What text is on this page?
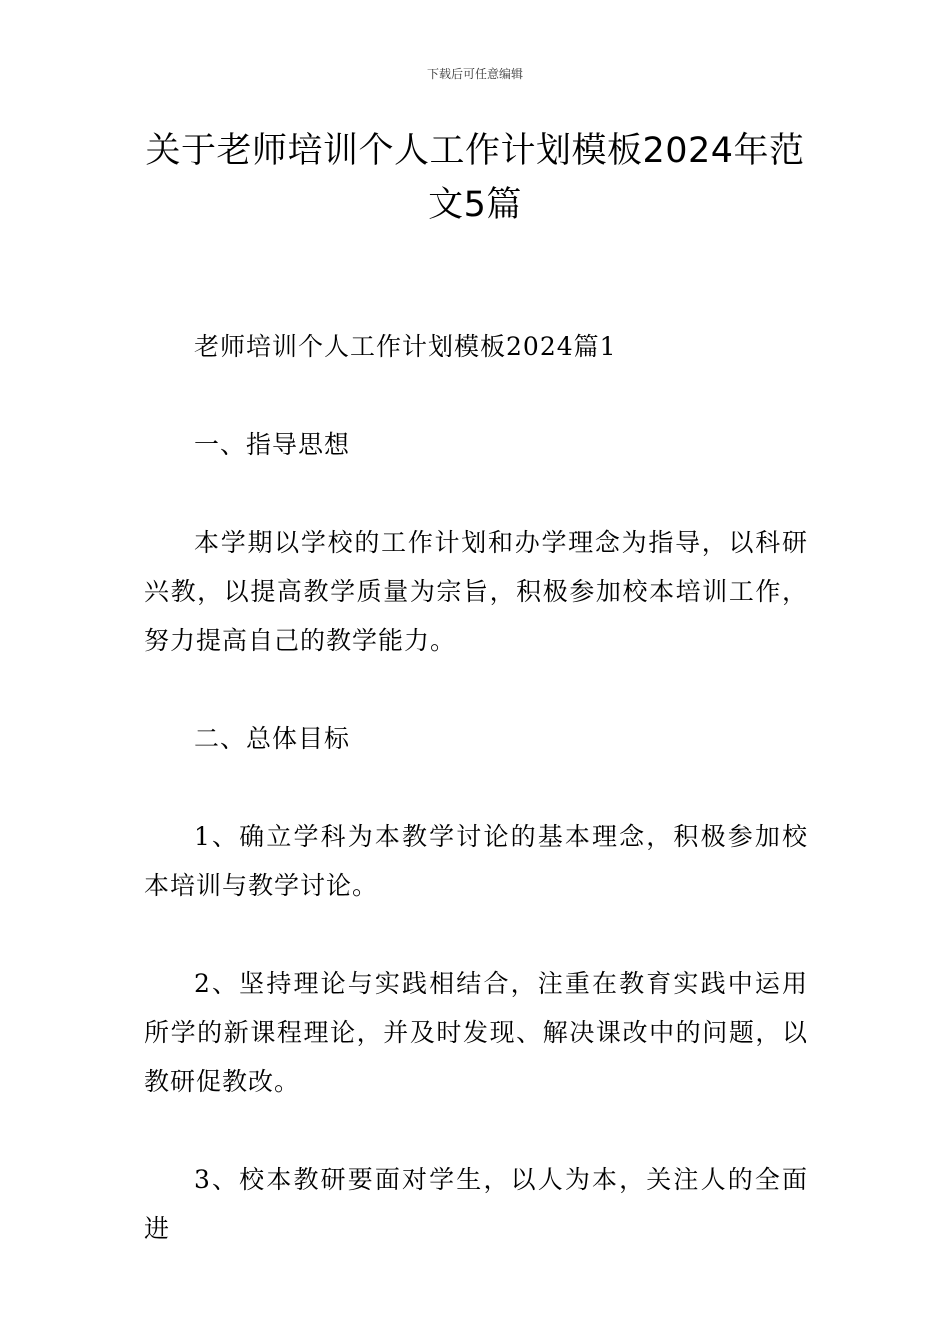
下载后可任意编辑
关于老师培训个人工作计划模板2024年范文5篇

老师培训个人工作计划模板2024篇1

一、指导思想

本学期以学校的工作计划和办学理念为指导，以科研兴教，以提高教学质量为宗旨，积极参加校本培训工作，努力提高自己的教学能力。

二、总体目标

1、确立学科为本教学讨论的基本理念，积极参加校本培训与教学讨论。

2、坚持理论与实践相结合，注重在教育实践中运用所学的新课程理论，并及时发现、解决课改中的问题，以教研促教改。

3、校本教研要面对学生，以人为本，关注人的全面进
